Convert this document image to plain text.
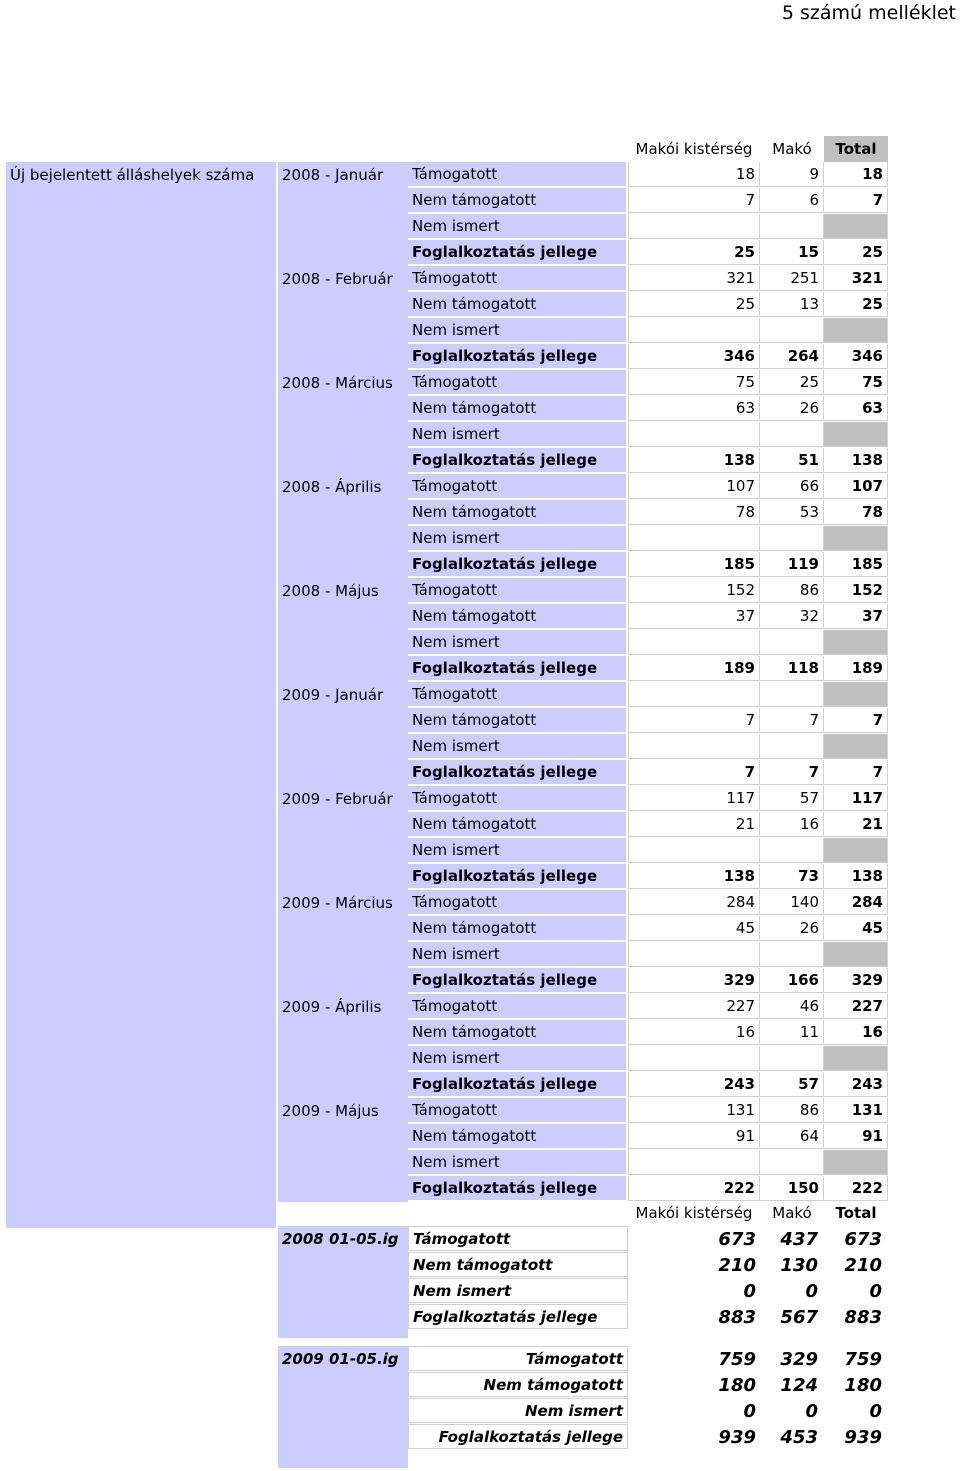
5 számú melléklet
Makói kistérség	Makó	Total
Új bejelentett álláshelyek száma 2008 - Január Támogatott	18	9	18
Nem támogatott	7	6	7
Nem ismert
Foglalkoztatás jellege	25	15	25
2008 - Február Támogatott	321	251	321
Nem támogatott	25	13	25
Nem ismert
Foglalkoztatás jellege	346	264	346
2008 - Március Támogatott	75	25	75
Nem támogatott	63	26	63
Nem ismert
Foglalkoztatás jellege	138	51	138
2008 - Április Támogatott	107	66	107
Nem támogatott	78	53	78
Nem ismert
Foglalkoztatás jellege	185	119	185
2008 - Május Támogatott	152	86	152
Nem támogatott	37	32	37
Nem ismert
Foglalkoztatás jellege	189	118	189
2009 - Január Támogatott
Nem támogatott	7	7	7
Nem ismert
Foglalkoztatás jellege	7	7	7
2009 - Február Támogatott	117	57	117
Nem támogatott	21	16	21
Nem ismert
Foglalkoztatás jellege	138	73	138
2009 - Március Támogatott	284	140	284
Nem támogatott	45	26	45
Nem ismert
Foglalkoztatás jellege	329	166	329
2009 - Április Támogatott	227	46	227
Nem támogatott	16	11	16
Nem ismert
Foglalkoztatás jellege	243	57	243
2009 - Május Támogatott	131	86	131
Nem támogatott	91	64	91
Nem ismert
Foglalkoztatás jellege	222	150	222
Makói kistérség	Makó	Total
2008 01-05.ig Támogatott	673	437	673
Nem támogatott	210	130	210
Nem ismert	0	0	0
Foglalkoztatás jellege	883	567	883
2009 01-05.ig	Támogatott	759	329	759
Nem támogatott	180	124	180
Nem ismert	0	0	0
Foglalkoztatás jellege	939	453	939
